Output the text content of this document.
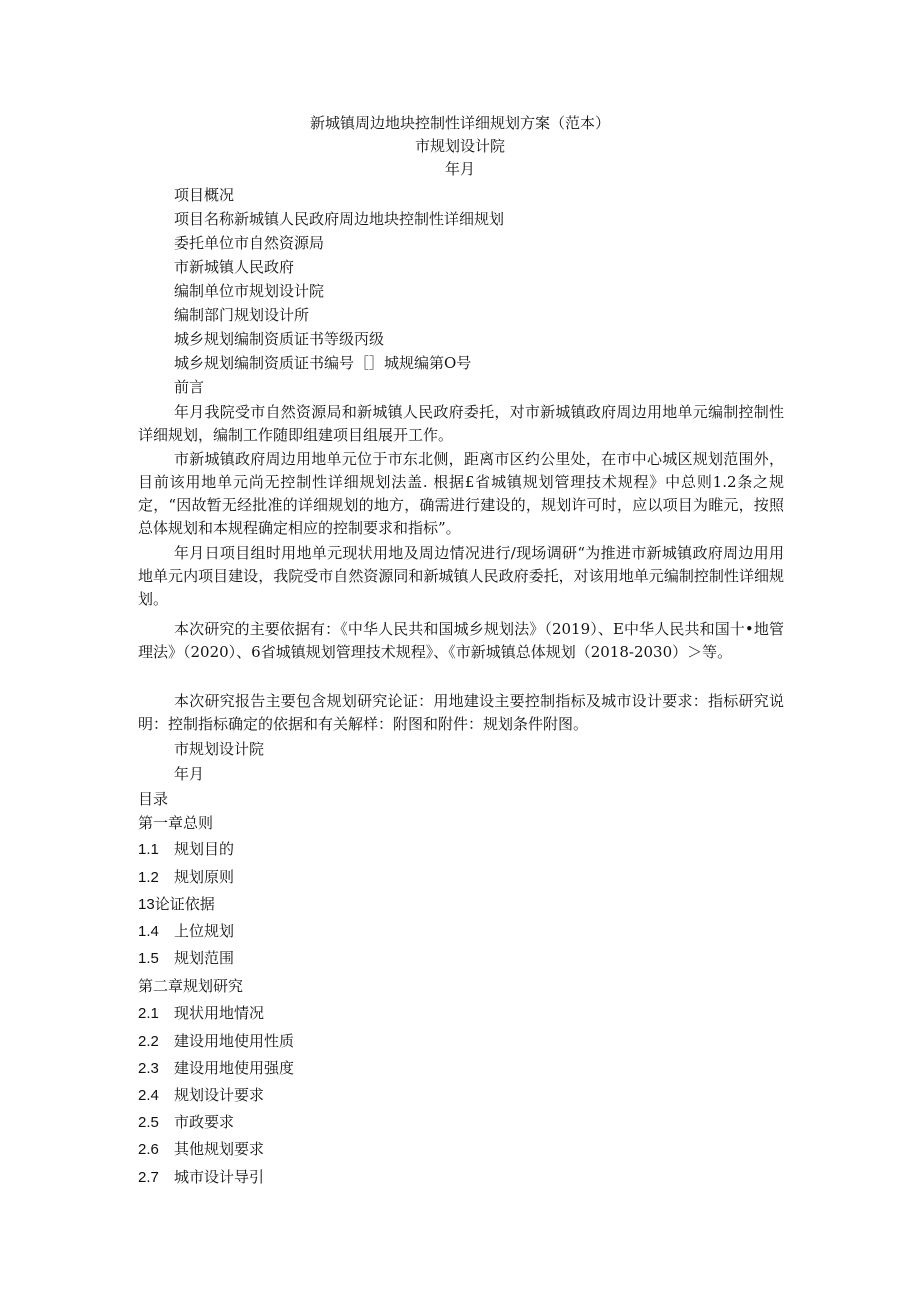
新城镇周边地块控制性详细规划方案（范本）
市规划设计院
年月
项目概况
项目名称新城镇人民政府周边地块控制性详细规划
委托单位市自然资源局
市新城镇人民政府
编制单位市规划设计院
编制部门规划设计所
城乡规划编制资质证书等级丙级
城乡规划编制资质证书编号［］城规编第O号
前言
年月我院受市自然资源局和新城镇人民政府委托，对市新城镇政府周边用地单元编制控制性详细规划，编制工作随即组建项目组展开工作。
市新城镇政府周边用地单元位于市东北侧，距离市区约公里处，在市中心城区规划范围外，目前该用地单元尚无控制性详细规划法盖. 根据£省城镇规划管理技术规程》中总则1.2条之规定，“因故暂无经批准的详细规划的地方，确需进行建设的，规划许可时，应以项目为睢元，按照总体规划和本规程确定相应的控制要求和指标”。
年月日项目组时用地单元现状用地及周边情况进行/现场调研“为推进市新城镇政府周边用用地单元内项目建设，我院受市自然资源同和新城镇人民政府委托，对该用地单元编制控制性详细规划。
本次研究的主要依据有：《中华人民共和国城乡规划法》（2019）、E中华人民共和国十•地管理法》（2020）、6省城镇规划管理技术规程》、《市新城镇总体规划（2018-2030）＞等。
本次研究报告主要包含规划研究论证：用地建设主要控制指标及城市设计要求：指标研究说明：控制指标确定的依据和有关解样：附图和附件：规划条件附图。
市规划设计院
年月
目录
第一章总则
1.1 规划目的
1.2 规划原则
13论证依据
1.4 上位规划
1.5 规划范围
第二章规划研究
2.1 现状用地情况
2.2 建设用地使用性质
2.3 建设用地使用强度
2.4 规划设计要求
2.5 市政要求
2.6 其他规划要求
2.7 城市设计导引
